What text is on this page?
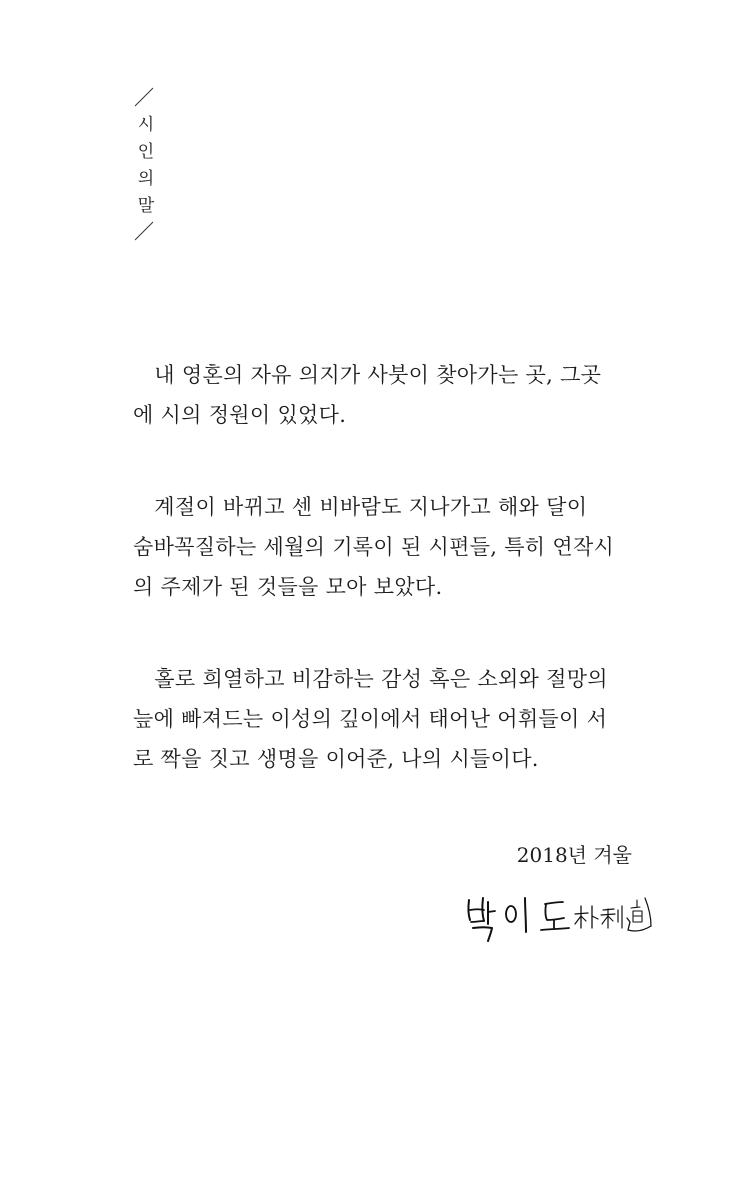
시
인
의
말

　내 영혼의 자유 의지가 사붓이 찾아가는 곳, 그곳
에 시의 정원이 있었다.

　계절이 바뀌고 센 비바람도 지나가고 해와 달이
숨바꼭질하는 세월의 기록이 된 시편들, 특히 연작시
의 주제가 된 것들을 모아 보았다.

　홀로 희열하고 비감하는 감성 혹은 소외와 절망의
늪에 빠져드는 이성의 깊이에서 태어난 어휘들이 서
로 짝을 짓고 생명을 이어준, 나의 시들이다.

2018년 겨울
